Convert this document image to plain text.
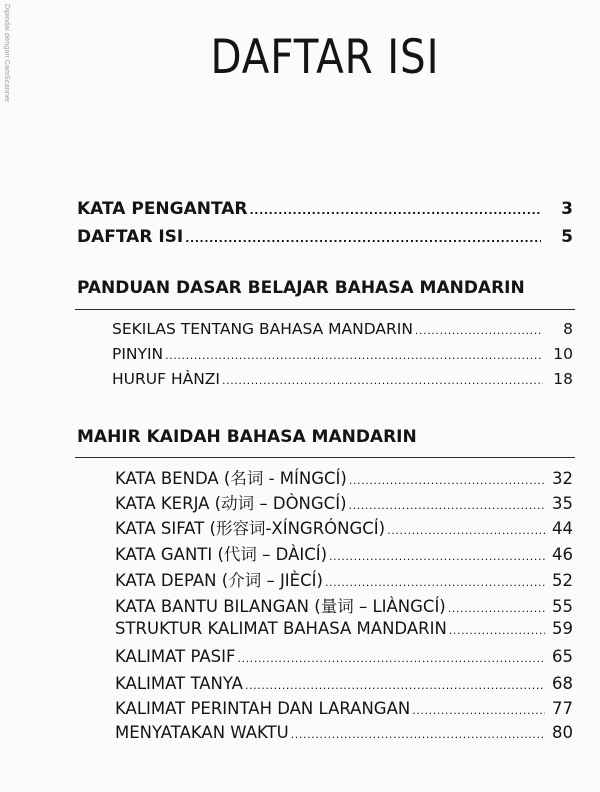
Dipindai dengan CamScanner	DAFTAR ISI
KATA PENGANTAR .....	3
DAFTAR ISI .....	5
PANDUAN DASAR BELAJAR BAHASA MANDARIN
SEKILAS TENTANG BAHASA MANDARIN .....	8
PINYIN .....	10
HURUF HÀNZI .....	18
MAHIR KAIDAH BAHASA MANDARIN
KATA BENDA (名词 - MÍNGCÍ) .....	32
KATA KERJA (动词 – DÒNGCÍ) .....	35
KATA SIFAT (形容词-XÍNGRÓNGCÍ) .....	44
KATA GANTI (代词 – DÀICÍ) .....	46
KATA DEPAN (介词 – JIÈCÍ) .....	52
KATA BANTU BILANGAN (量词 – LIÀNGCÍ) .....	55
STRUKTUR KALIMAT BAHASA MANDARIN .....	59
KALIMAT PASIF .....	65
KALIMAT TANYA .....	68
KALIMAT PERINTAH DAN LARANGAN .....	77
MENYATAKAN WAKTU .....	80
